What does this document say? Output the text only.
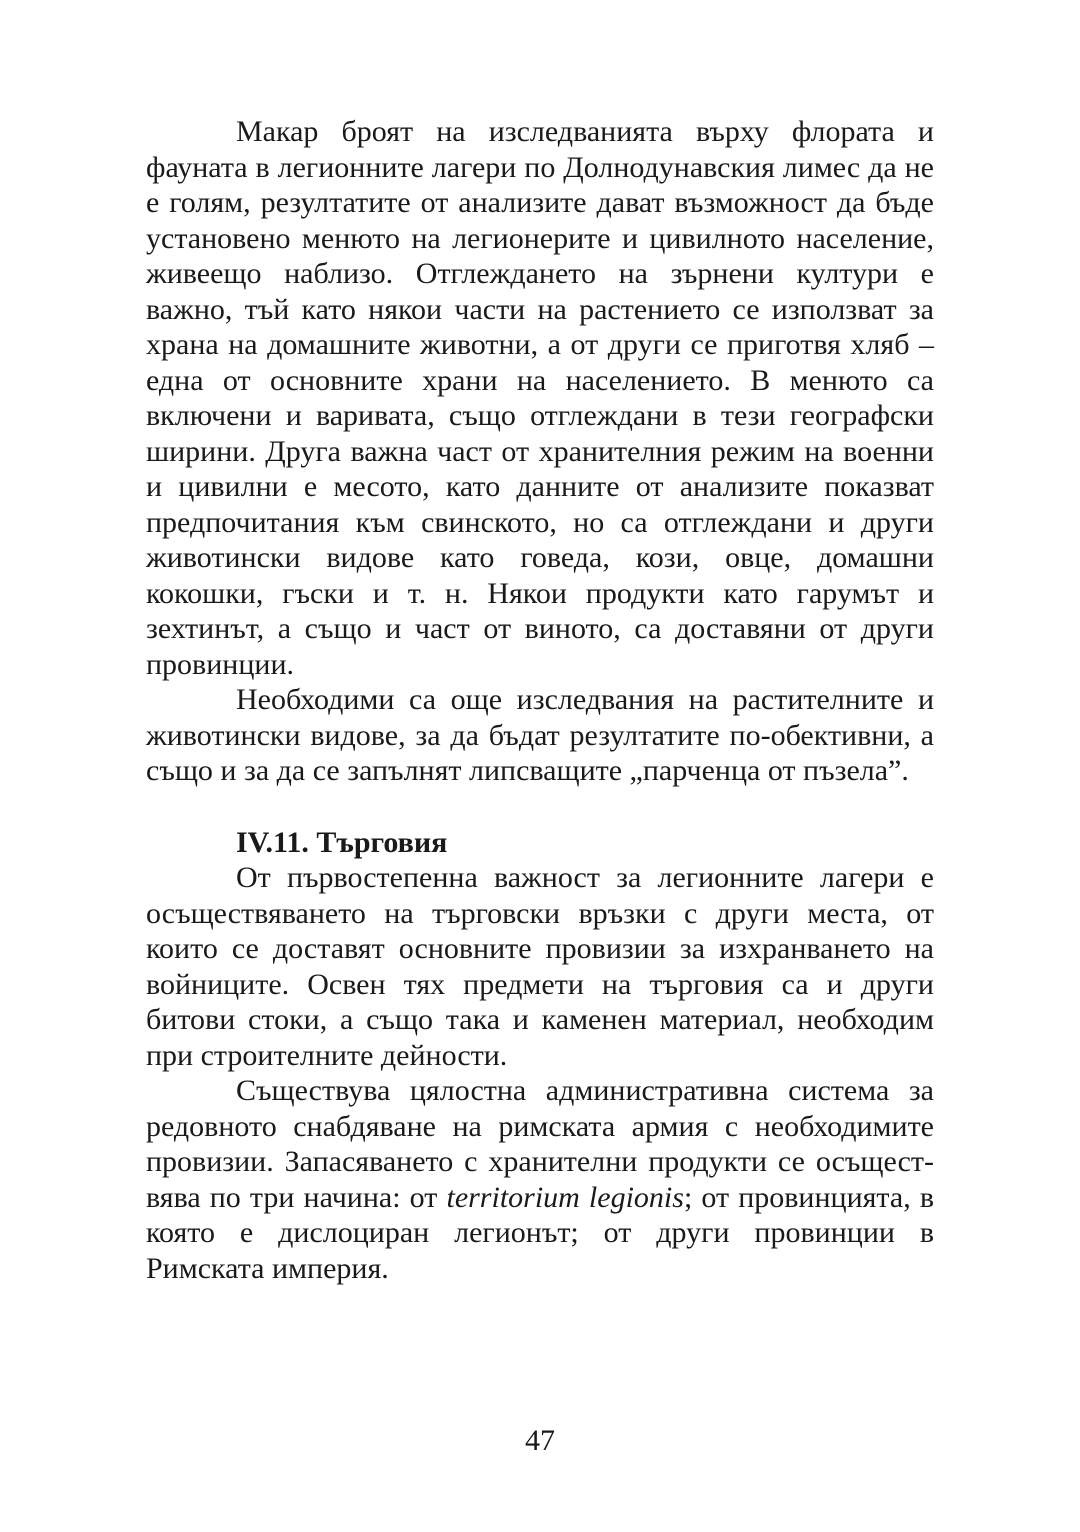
Макар броят на изследванията върху флората и фауната в легионните лагери по Долнодунавския лимес да не е голям, резултатите от анализите дават възможност да бъде установено менюто на легионерите и цивилното население, живеещо наблизо. Отглеждането на зърнени култури е важно, тъй като някои части на растението се използват за храна на домашните животни, а от други се приготвя хляб – една от основните храни на населението. В менюто са включени и варивата, също отглеждани в тези географски ширини. Друга важна част от хранителния режим на военни и цивилни е месото, като данните от анализите показват предпочитания към свинското, но са отглеждани и други животински видове като говеда, кози, овце, домашни кокошки, гъски и т. н. Някои продукти като гарумът и зехтинът, а също и част от виното, са доставяни от други провинции.

Необходими са още изследвания на растителните и животински видове, за да бъдат резултатите по-обективни, а също и за да се запълнят липсващите „парченца от пъзела”.

IV.11. Търговия

От първостепенна важност за легионните лагери е осъществяването на търговски връзки с други места, от които се доставят основните провизии за изхранването на войниците. Освен тях предмети на търговия са и други битови стоки, а също така и каменен материал, необходим при строителните дейности.

Съществува цялостна административна система за редовното снабдяване на римската армия с необходимите провизии. Запасяването с хранителни продукти се осъщест-вява по три начина: от territorium legionis; от провинцията, в която е дислоциран легионът; от други провинции в Римската империя.

47
